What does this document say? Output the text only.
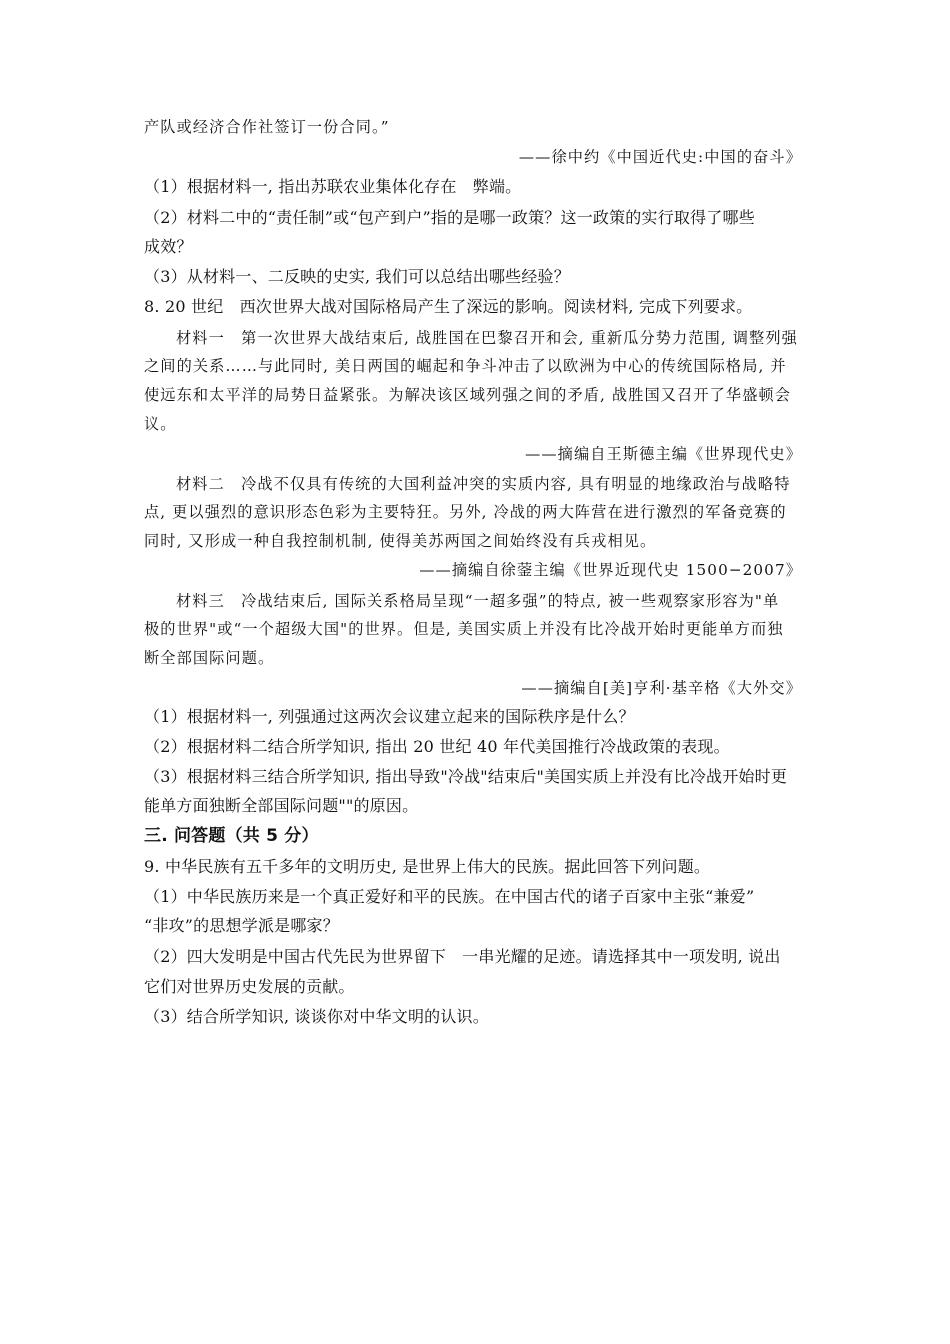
产队或经济合作社签订一份合同。”
——徐中约《中国近代史:中国的奋斗》
（1）根据材料一, 指出苏联农业集体化存在　弊端。
（2）材料二中的“责任制”或“包产到户”指的是哪一政策？这一政策的实行取得了哪些
成效？
（3）从材料一、二反映的史实, 我们可以总结出哪些经验？
8. 20 世纪　西次世界大战对国际格局产生了深远的影响。阅读材料, 完成下列要求。
材料一　第一次世界大战结束后, 战胜国在巴黎召开和会, 重新瓜分势力范围, 调整列强
之间的关系……与此同时, 美日两国的崛起和争斗冲击了以欧洲为中心的传统国际格局, 并
使远东和太平洋的局势日益紧张。为解决该区域列强之间的矛盾, 战胜国又召开了华盛顿会
议。
——摘编自王斯德主编《世界现代史》
材料二　冷战不仅具有传统的大国利益冲突的实质内容, 具有明显的地缘政治与战略特
点, 更以强烈的意识形态色彩为主要特狂。另外, 冷战的两大阵营在进行激烈的军备竞赛的
同时, 又形成一种自我控制机制, 使得美苏两国之间始终没有兵戎相见。
——摘编自徐蓥主编《世界近现代史 1500−2007》
材料三　冷战结束后, 国际关系格局呈现“一超多强”的特点, 被一些观察家形容为"单
极的世界"或“一个超级大国"的世界。但是, 美国实质上并没有比冷战开始时更能单方而独
断全部国际问题。
——摘编自[美]亨利·基辛格《大外交》
（1）根据材料一, 列强通过这两次会议建立起来的国际秩序是什么？
（2）根据材料二结合所学知识, 指出 20 世纪 40 年代美国推行冷战政策的表现。
（3）根据材料三结合所学知识, 指出导致"冷战"结束后"美国实质上并没有比冷战开始时更
能单方面独断全部国际问题""的原因。
三. 问答题（共 5 分）
9. 中华民族有五千多年的文明历史, 是世界上伟大的民族。据此回答下列问题。
（1）中华民族历来是一个真正爱好和平的民族。在中国古代的诸子百家中主张“兼爱”
“非攻”的思想学派是哪家？
（2）四大发明是中国古代先民为世界留下　一串光耀的足迹。请选择其中一项发明, 说出
它们对世界历史发展的贡献。
（3）结合所学知识, 谈谈你对中华文明的认识。
